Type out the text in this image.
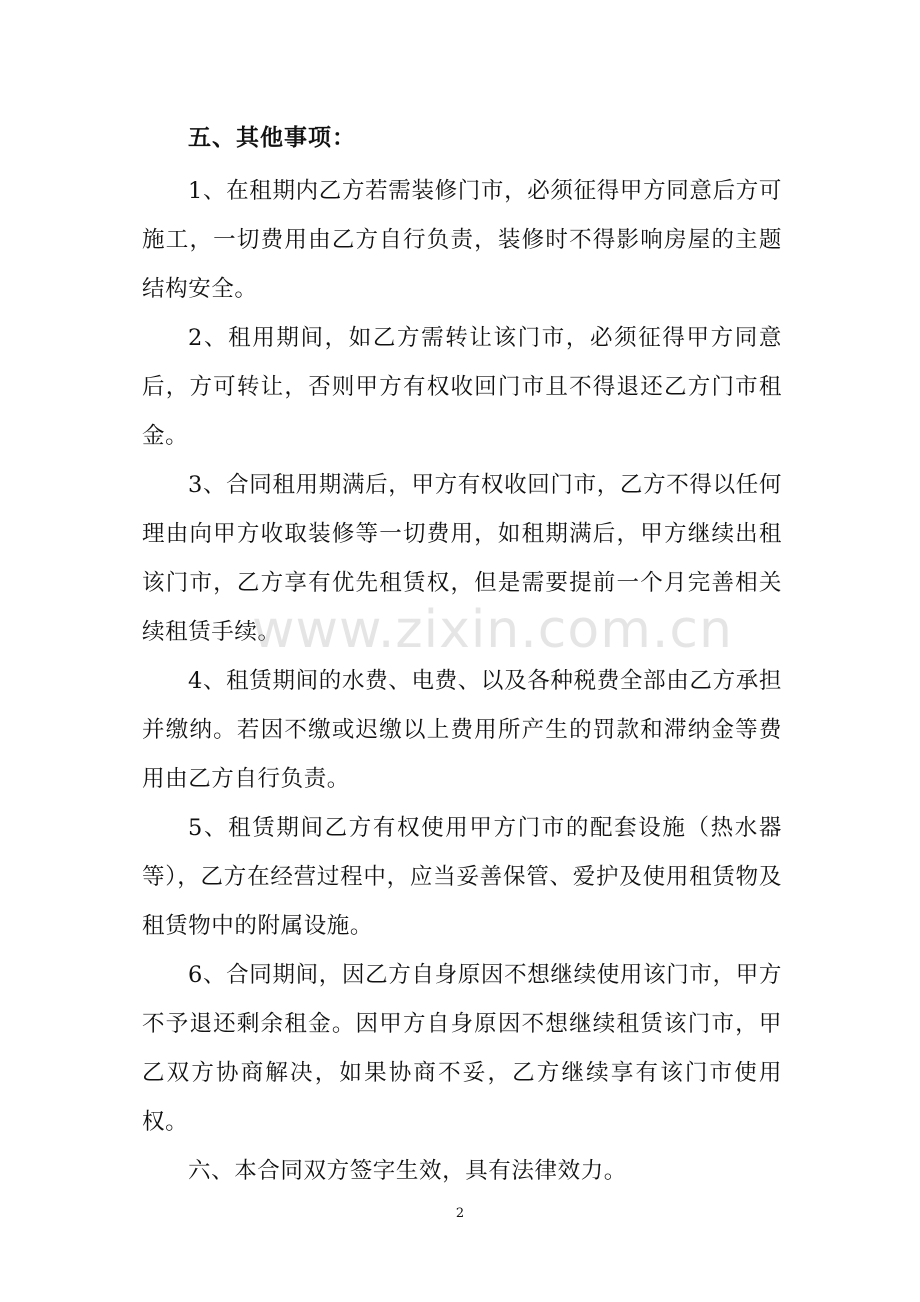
五、其他事项：

1、在租期内乙方若需装修门市，必须征得甲方同意后方可施工，一切费用由乙方自行负责，装修时不得影响房屋的主题结构安全。

2、租用期间，如乙方需转让该门市，必须征得甲方同意后，方可转让，否则甲方有权收回门市且不得退还乙方门市租金。

3、合同租用期满后，甲方有权收回门市，乙方不得以任何理由向甲方收取装修等一切费用，如租期满后，甲方继续出租该门市，乙方享有优先租赁权，但是需要提前一个月完善相关续租赁手续。

4、租赁期间的水费、电费、以及各种税费全部由乙方承担并缴纳。若因不缴或迟缴以上费用所产生的罚款和滞纳金等费用由乙方自行负责。

5、租赁期间乙方有权使用甲方门市的配套设施（热水器等），乙方在经营过程中，应当妥善保管、爱护及使用租赁物及租赁物中的附属设施。

6、合同期间，因乙方自身原因不想继续使用该门市，甲方不予退还剩余租金。因甲方自身原因不想继续租赁该门市，甲乙双方协商解决，如果协商不妥，乙方继续享有该门市使用权。

六、本合同双方签字生效，具有法律效力。
www.zixin.com.cn
2
